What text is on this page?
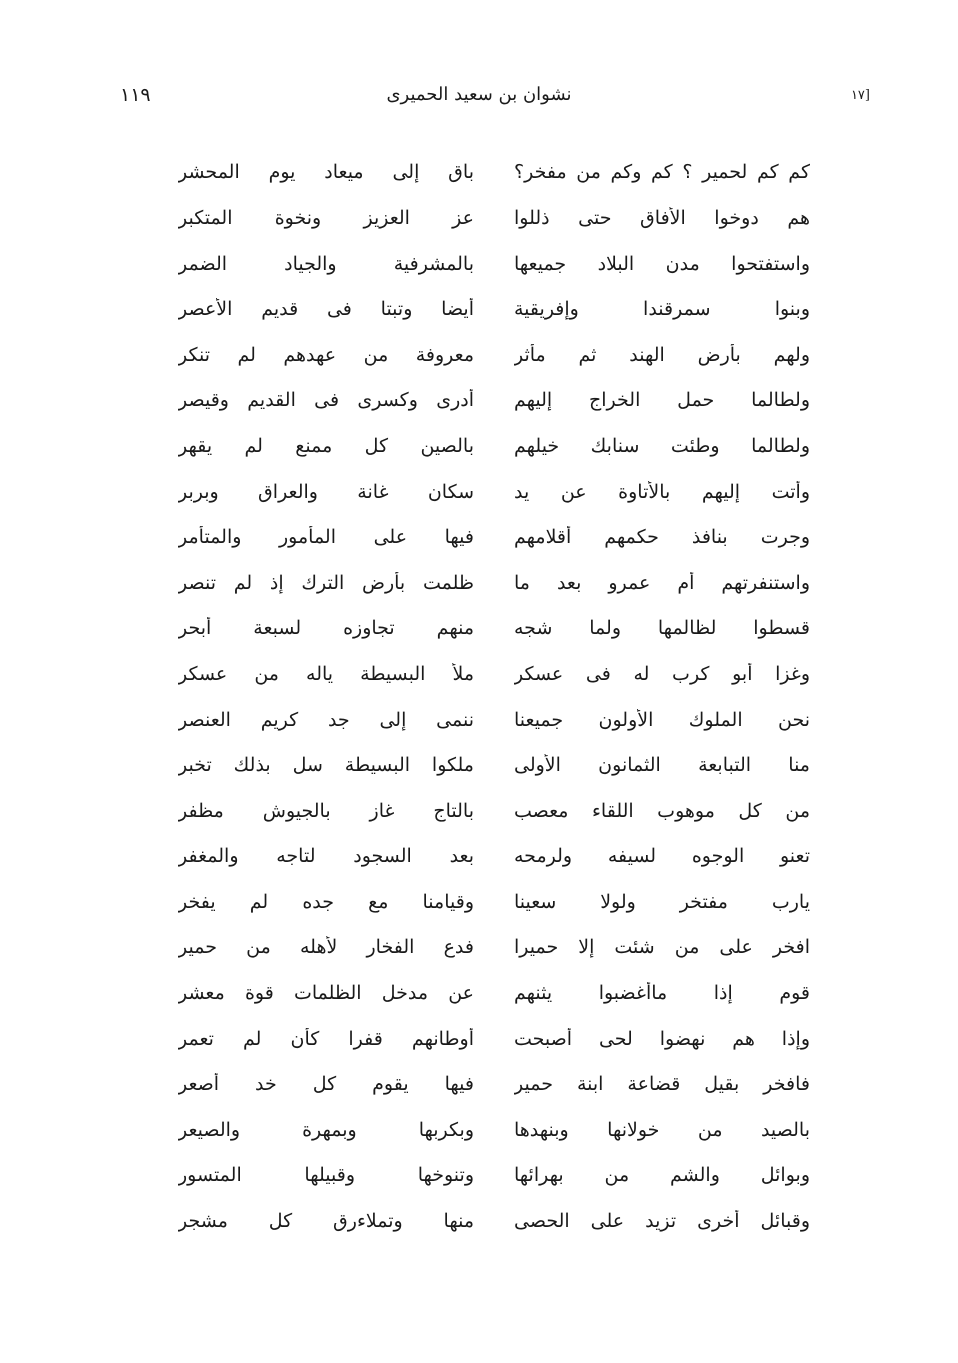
١١٩	نشوان بن سعيد الحميرى	[١٧
كم كم لحمير ؟ كم وكم من مفخر؟
باق إلى ميعاد يوم المحشر
هم دوخوا الأفاق حتى ذللوا
عز العزيز ونخوة المتكبر
واستفتحوا مدن البلاد جميعها
بالمشرفية والجياد الضمر
وبنوا سمرقندا وإفريقية
أيضا وتبتا فى قديم الأعصر
ولهم بأرض الهند ثم مأثر
معروفة من عهدهم لم تنكر
ولطالما حمل الخراج إليهم
أدرى وكسرى فى القديم وقيصر
ولطالما وطئت سنابك خيلهم
بالصين كل ممنع لم يقهر
وأتت إليهم بالأتاوة عن يد
سكان غانة والعراق وبربر
وجرت بنافذ حكمهم أقلامهم
فيها على المأمور والمتأمر
واستنفرتهم أم عمرو بعد ما
ظلمت بأرض الترك إذ لم تنصر
قسطوا لظالمها ولما شجه
منهم تجاوزه لسبعة أبحر
وغزا أبو كرب له فى عسكر
ملأ البسيطة ياله من عسكر
نحن الملوك الأولون جميعنا
ننمى إلى جد كريم العنصر
منا التبابعة الثمانون الأولى
ملكوا البسيطة سل بذلك تخبر
من كل موهوب اللقاء معصب
بالتاج غاز بالجيوش مظفر
تعنو الوجوه لسيفه ولرمحه
بعد السجود لتاجه والمغفر
يارب مفتخر ولولا سعينا
وقيامنا مع جده لم يفخر
افخر على من شئت إلا حميرا
فدع الفخار لأهله من حمير
قوم إذا ماأغضبوا يثنهم
عن مدخل الظلمات قوة معشر
وإذا هم نهضوا لحى أصبحت
أوطانهم قفرا كأن لم تعمر
فافخر بقيل قضاعة ابنة حمير
فيها يقوم كل خد أصعر
بالصيد من خولانها وبنهدها
وبكربها وبمهرة والصيعر
وبوائل والشم من بهرائها
وتنوخها وقبيلها المتسور
وقبائل أخرى تزيد على الحصى
منها وتملاءرق كل مشجر
